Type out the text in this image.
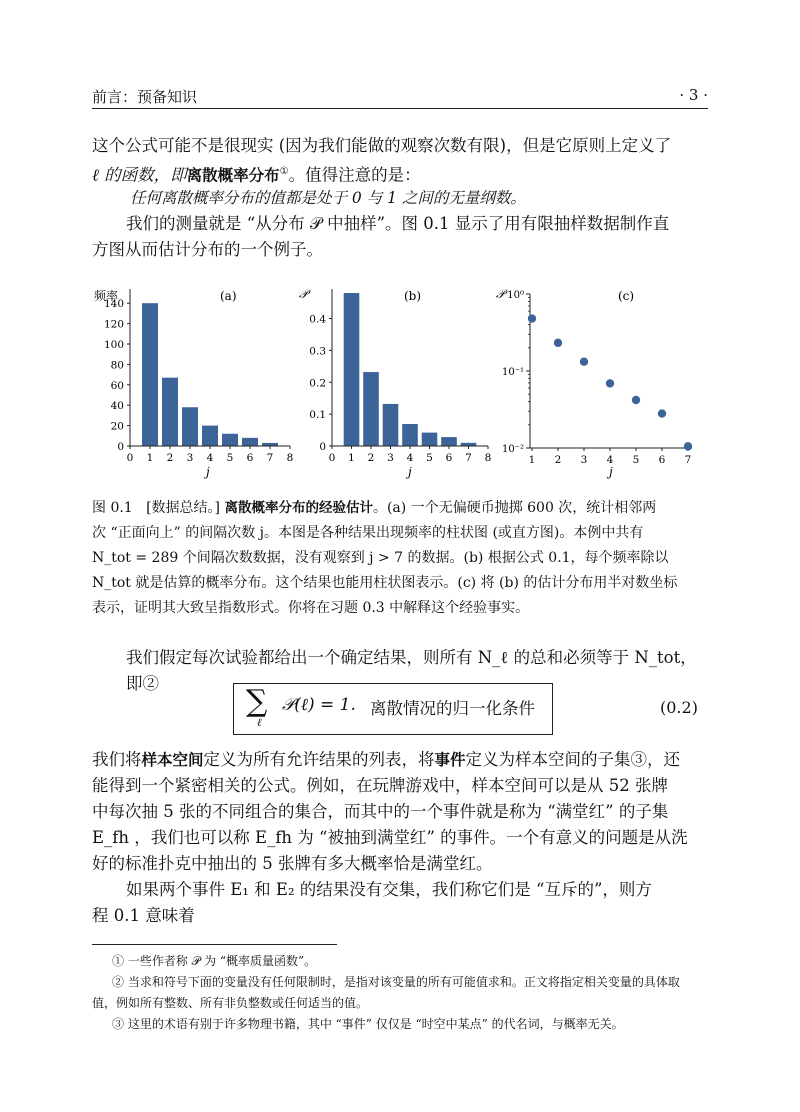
前言：预备知识	· 3 ·
这个公式可能不是很现实 (因为我们能做的观察次数有限)，但是它原则上定义了
ℓ 的函数，即离散概率分布①。值得注意的是：
任何离散概率分布的值都是处于 0 与 1 之间的无量纲数。
我们的测量就是 “从分布 𝒫 中抽样”。图 0.1 显示了用有限抽样数据制作直
方图从而估计分布的一个例子。
频率	(a)
j
0 1 2 3 4 5 6 7 8
0
20
40
60
80
100
120
140
𝒫	(b)
j
0 1 2 3 4 5 6 7 8
0
0.1
0.2
0.3
0.4
𝒫	(c)
j
1 2 3 4 5 6 7
10⁰
10⁻¹
10⁻²
图 0.1 [数据总结。] 离散概率分布的经验估计。(a) 一个无偏硬币抛掷 600 次，统计相邻两
次 “正面向上” 的间隔次数 j。本图是各种结果出现频率的柱状图 (或直方图)。本例中共有
N_tot = 289 个间隔次数数据，没有观察到 j > 7 的数据。(b) 根据公式 0.1，每个频率除以
N_tot 就是估算的概率分布。这个结果也能用柱状图表示。(c) 将 (b) 的估计分布用半对数坐标
表示，证明其大致呈指数形式。你将在习题 0.3 中解释这个经验事实。
我们假定每次试验都给出一个确定结果，则所有 N_ℓ 的总和必须等于 N_tot，即②
∑
ℓ
𝒫(ℓ) = 1. 离散情况的归一化条件	(0.2)
我们将样本空间定义为所有允许结果的列表，将事件定义为样本空间的子集③，还
能得到一个紧密相关的公式。例如，在玩牌游戏中，样本空间可以是从 52 张牌
中每次抽 5 张的不同组合的集合，而其中的一个事件就是称为 “满堂红” 的子集
E_fh ，我们也可以称 E_fh 为 “被抽到满堂红” 的事件。一个有意义的问题是从洗
好的标准扑克中抽出的 5 张牌有多大概率恰是满堂红。
如果两个事件 E₁ 和 E₂ 的结果没有交集，我们称它们是 “互斥的”，则方
程 0.1 意味着
① 一些作者称 𝒫 为 “概率质量函数”。
② 当求和符号下面的变量没有任何限制时，是指对该变量的所有可能值求和。正文将指定相关变量的具体取
值，例如所有整数、所有非负整数或任何适当的值。
③ 这里的术语有别于许多物理书籍，其中 “事件” 仅仅是 “时空中某点” 的代名词，与概率无关。
